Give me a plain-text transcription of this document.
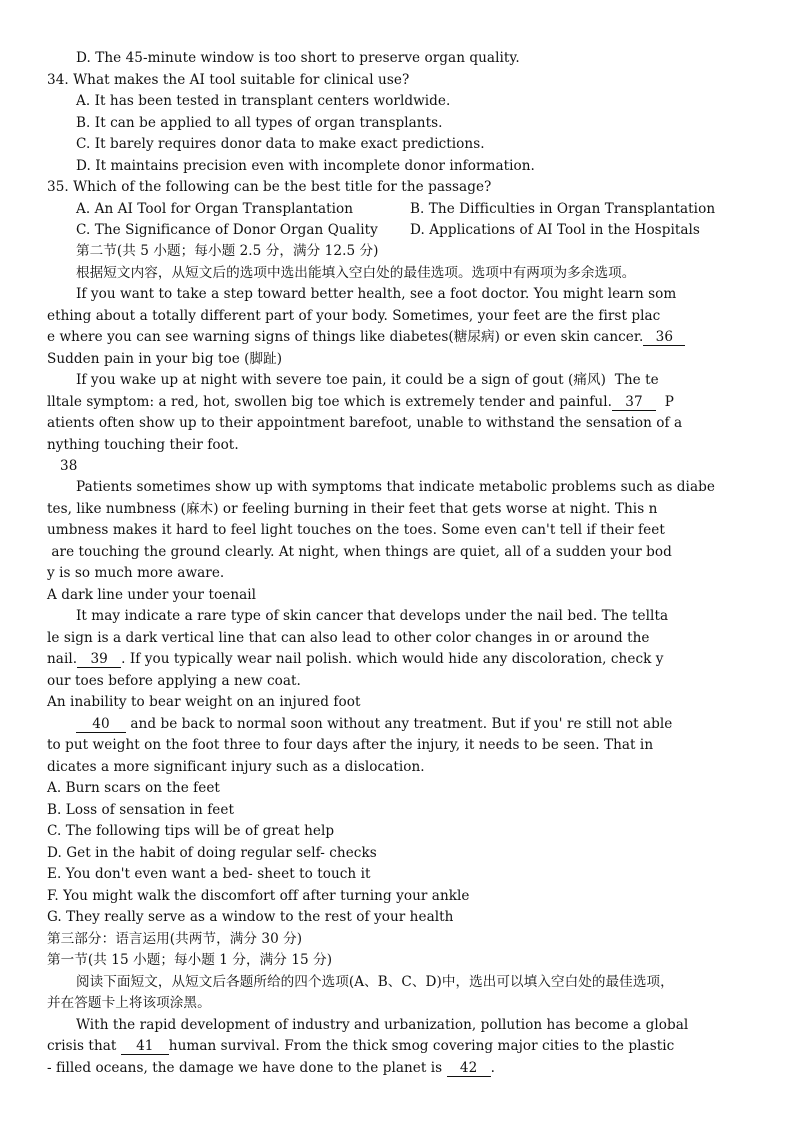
D. The 45-minute window is too short to preserve organ quality.
34. What makes the AI tool suitable for clinical use?
A. It has been tested in transplant centers worldwide.
B. It can be applied to all types of organ transplants.
C. It barely requires donor data to make exact predictions.
D. It maintains precision even with incomplete donor information.
35. Which of the following can be the best title for the passage?
A. An AI Tool for Organ Transplantation	B. The Difficulties in Organ Transplantation
C. The Significance of Donor Organ Quality D. Applications of AI Tool in the Hospitals
第二节(共 5 小题；每小题 2.5 分，满分 12.5 分)
根据短文内容，从短文后的选项中选出能填入空白处的最佳选项。选项中有两项为多余选项。
If you want to take a step toward better health, see a foot doctor. You might learn som
ething about a totally different part of your body. Sometimes, your feet are the first plac
e where you can see warning signs of things like diabetes(糖尿病) or even skin cancer. 36
Sudden pain in your big toe (脚趾)
If you wake up at night with severe toe pain, it could be a sign of gout (痛风)  The te
lltale symptom: a red, hot, swollen big toe which is extremely tender and painful. 37 P
atients often show up to their appointment barefoot, unable to withstand the sensation of a
nything touching their foot.
38
Patients sometimes show up with symptoms that indicate metabolic problems such as diabe
tes, like numbness (麻木) or feeling burning in their feet that gets worse at night. This n
umbness makes it hard to feel light touches on the toes. Some even can't tell if their feet
are touching the ground clearly. At night, when things are quiet, all of a sudden your bod
y is so much more aware.
A dark line under your toenail
It may indicate a rare type of skin cancer that develops under the nail bed. The tellta
le sign is a dark vertical line that can also lead to other color changes in or around the
nail. 39 . If you typically wear nail polish. which would hide any discoloration, check y
our toes before applying a new coat.
An inability to bear weight on an injured foot
40 and be back to normal soon without any treatment. But if you' re still not able
to put weight on the foot three to four days after the injury, it needs to be seen. That in
dicates a more significant injury such as a dislocation.
A. Burn scars on the feet
B. Loss of sensation in feet
C. The following tips will be of great help
D. Get in the habit of doing regular self- checks
E. You don't even want a bed- sheet to touch it
F. You might walk the discomfort off after turning your ankle
G. They really serve as a window to the rest of your health
第三部分：语言运用(共两节，满分 30 分)
第一节(共 15 小题；每小题 1 分，满分 15 分)
阅读下面短文，从短文后各题所给的四个选项(A、B、C、D)中，选出可以填入空白处的最佳选项，
并在答题卡上将该项涂黑。
With the rapid development of industry and urbanization, pollution has become a global
crisis that 41 human survival. From the thick smog covering major cities to the plastic
- filled oceans, the damage we have done to the planet is 42 .
